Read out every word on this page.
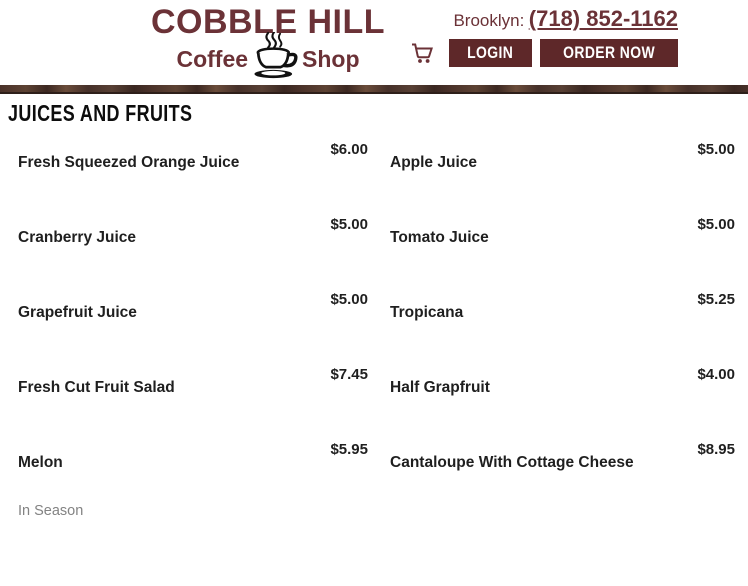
COBBLE HILL
Coffee Shop
Brooklyn: (718) 852-1162
LOGIN	ORDER NOW
JUICES AND FRUITS
$6.00
Fresh Squeezed Orange Juice
$5.00
Cranberry Juice
$5.00
Grapefruit Juice
$7.45
Fresh Cut Fruit Salad
$5.95
Melon
In Season
$5.00
Apple Juice
$5.00
Tomato Juice
$5.25
Tropicana
$4.00
Half Grapfruit
$8.95
Cantaloupe With Cottage Cheese
